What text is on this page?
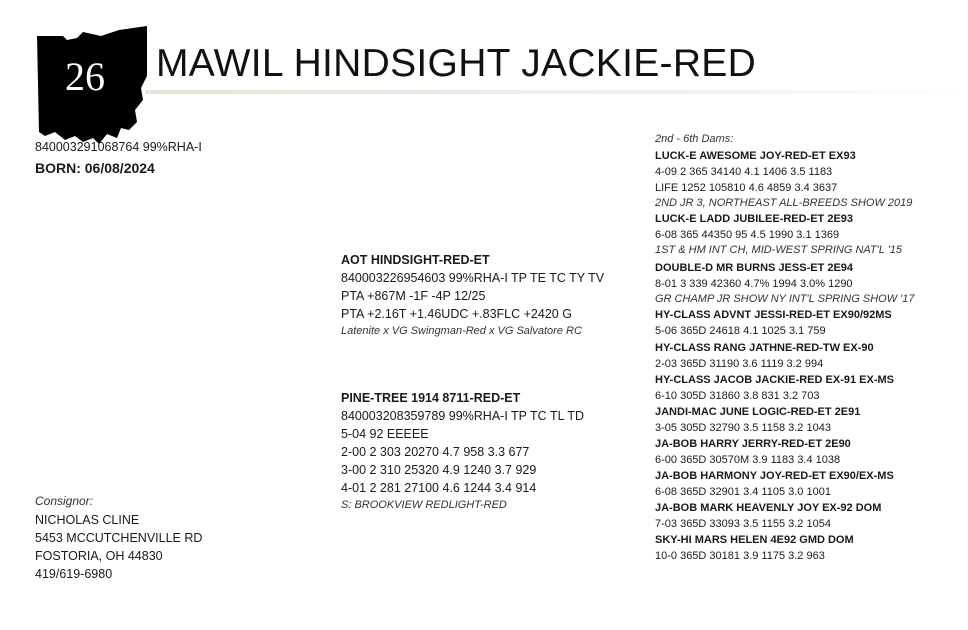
26	MAWIL HINDSIGHT JACKIE-RED
840003291068764 99%RHA-I
BORN: 06/08/2024
AOT HINDSIGHT-RED-ET
840003226954603 99%RHA-I TP TE TC TY TV
PTA +867M -1F -4P 12/25
PTA +2.16T +1.46UDC +.83FLC +2420 G
Latenite x VG Swingman-Red x VG Salvatore RC
PINE-TREE 1914 8711-RED-ET
840003208359789 99%RHA-I TP TC TL TD
5-04 92 EEEEE
2-00 2 303 20270 4.7 958 3.3 677
3-00 2 310 25320 4.9 1240 3.7 929
4-01 2 281 27100 4.6 1244 3.4 914
S: BROOKVIEW REDLIGHT-RED
Consignor:
NICHOLAS CLINE
5453 MCCUTCHENVILLE RD
FOSTORIA, OH 44830
419/619-6980
2nd - 6th Dams:
LUCK-E AWESOME JOY-RED-ET EX93
4-09 2 365 34140 4.1 1406 3.5 1183
LIFE 1252 105810 4.6 4859 3.4 3637
2ND JR 3, NORTHEAST ALL-BREEDS SHOW 2019
LUCK-E LADD JUBILEE-RED-ET 2E93
6-08 365 44350 95 4.5 1990 3.1 1369
1ST & HM INT CH, MID-WEST SPRING NAT'L '15
DOUBLE-D MR BURNS JESS-ET 2E94
8-01 3 339 42360 4.7% 1994 3.0% 1290
GR CHAMP JR SHOW NY INT'L SPRING SHOW '17
HY-CLASS ADVNT JESSI-RED-ET EX90/92MS
5-06 365D 24618 4.1 1025 3.1 759
HY-CLASS RANG JATHNE-RED-TW EX-90
2-03 365D 31190 3.6 1119 3.2 994
HY-CLASS JACOB JACKIE-RED EX-91 EX-MS
6-10 305D 31860 3.8 831 3.2 703
JANDI-MAC JUNE LOGIC-RED-ET 2E91
3-05 305D 32790 3.5 1158 3.2 1043
JA-BOB HARRY JERRY-RED-ET 2E90
6-00 365D 30570M 3.9 1183 3.4 1038
JA-BOB HARMONY JOY-RED-ET EX90/EX-MS
6-08 365D 32901 3.4 1105 3.0 1001
JA-BOB MARK HEAVENLY JOY EX-92 DOM
7-03 365D 33093 3.5 1155 3.2 1054
SKY-HI MARS HELEN 4E92 GMD DOM
10-0 365D 30181 3.9 1175 3.2 963
